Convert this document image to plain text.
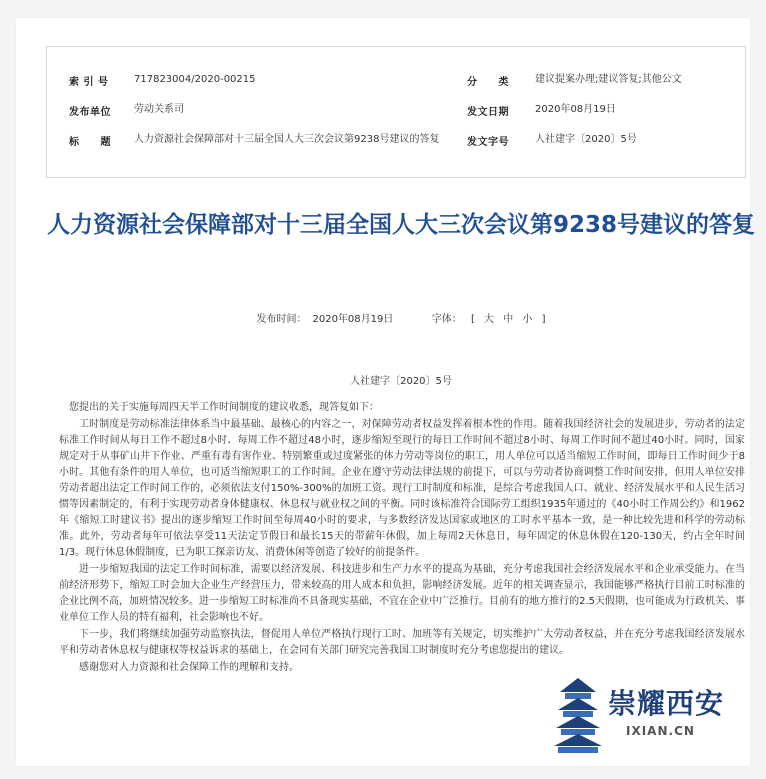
索 引 号	717823004/2020-00215	分　　类	建议提案办理;建议答复;其他公文
发布单位 劳动关系司	发文日期	2020年08月19日
标　　题 人力资源社会保障部对十三届全国人大三次会议第9238号建议的答复	发文字号	人社建字〔2020〕5号
人力资源社会保障部对十三届全国人大三次会议第9238号建议的答复
发布时间： 2020年08月19日	字体： [ 大 中 小 ]
人社建字〔2020〕5号

您提出的关于实施每周四天半工作时间制度的建议收悉，现答复如下：

工时制度是劳动标准法律体系当中最基础、最核心的内容之一，对保障劳动者权益发挥着根本性的作用。随着我国经济社会的发展进步，劳动者的法定标准工作时间从每日工作不超过8小时、每周工作不超过48小时，逐步缩短至现行的每日工作时间不超过8小时、每周工作时间不超过40小时。同时，国家规定对于从事矿山井下作业、严重有毒有害作业、特别繁重或过度紧张的体力劳动等岗位的职工，用人单位可以适当缩短工作时间，即每日工作时间少于8小时。其他有条件的用人单位，也可适当缩短职工的工作时间。企业在遵守劳动法律法规的前提下，可以与劳动者协商调整工作时间安排，但用人单位安排劳动者超出法定工作时间工作的，必须依法支付150%-300%的加班工资。现行工时制度和标准，是综合考虑我国人口、就业、经济发展水平和人民生活习惯等因素制定的，有利于实现劳动者身体健康权、休息权与就业权之间的平衡。同时该标准符合国际劳工组织1935年通过的《40小时工作周公约》和1962年《缩短工时建议书》提出的逐步缩短工作时间至每周40小时的要求，与多数经济发达国家或地区的工时水平基本一致，是一种比较先进和科学的劳动标准。此外，劳动者每年可依法享受11天法定节假日和最长15天的带薪年休假，加上每周2天休息日，每年固定的休息休假在120-130天，约占全年时间1/3。现行休息休假制度，已为职工探亲访友、消费休闲等创造了较好的前提条件。

进一步缩短我国的法定工作时间标准，需要以经济发展、科技进步和生产力水平的提高为基础，充分考虑我国社会经济发展水平和企业承受能力。在当前经济形势下，缩短工时会加大企业生产经营压力，带来较高的用人成本和负担，影响经济发展。近年的相关调查显示，我国能够严格执行目前工时标准的企业比例不高，加班情况较多。进一步缩短工时标准尚不具备现实基础，不宜在企业中广泛推行。目前有的地方推行的2.5天假期，也可能成为行政机关、事业单位工作人员的特有福利，社会影响也不好。

下一步，我们将继续加强劳动监察执法，督促用人单位严格执行现行工时、加班等有关规定，切实维护广大劳动者权益，并在充分考虑我国经济发展水平和劳动者休息权与健康权等权益诉求的基础上，在会同有关部门研究完善我国工时制度时充分考虑您提出的建议。

感谢您对人力资源和社会保障工作的理解和支持。

崇耀西安
IXIAN.CN
